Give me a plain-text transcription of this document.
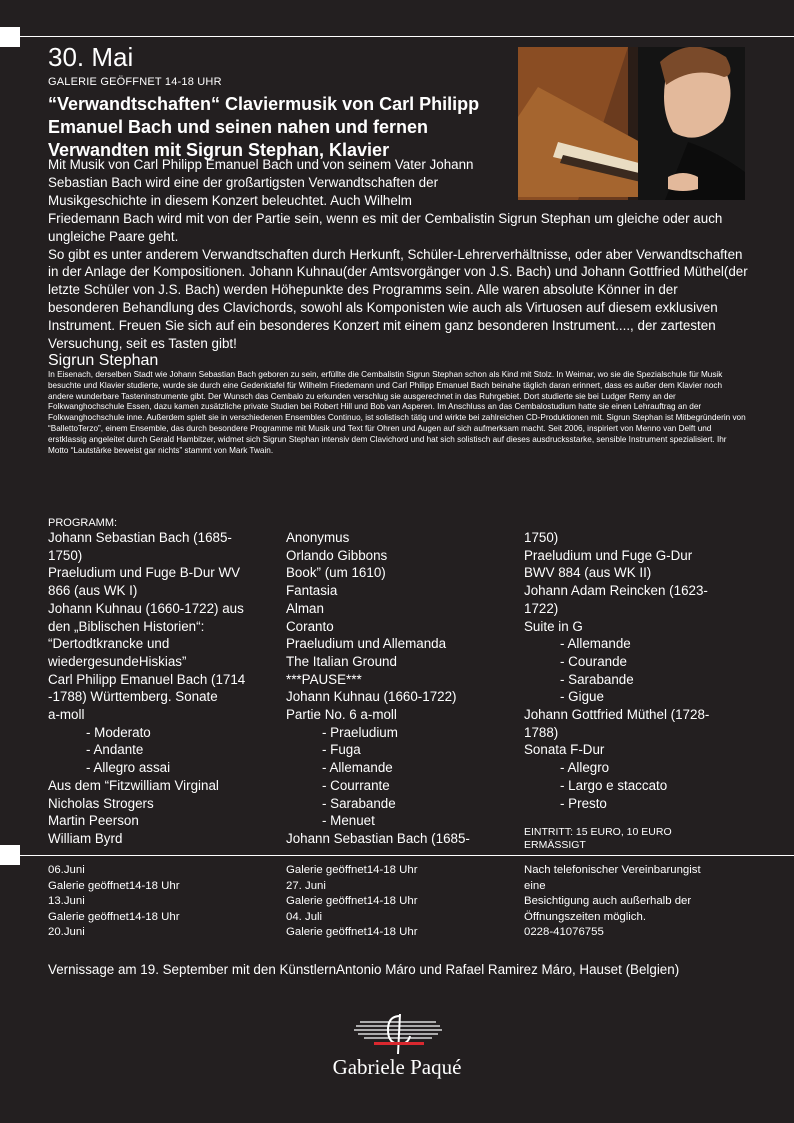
30. Mai
GALERIE GEÖFFNET 14-18 UHR
“Verwandtschaften“ Claviermusik von Carl Philipp Emanuel Bach und seinen nahen und fernen Verwandten mit Sigrun Stephan, Klavier

Mit Musik von Carl Philipp Emanuel Bach und von seinem Vater Johann Sebastian Bach wird eine der großartigsten Verwandtschaften der Musikgeschichte in diesem Konzert beleuchtet. Auch Wilhelm

Friedemann Bach wird mit von der Partie sein, wenn es mit der Cembalistin Sigrun Stephan um gleiche oder auch ungleiche Paare geht.

So gibt es unter anderem Verwandtschaften durch Herkunft, Schüler-Lehrerverhältnisse, oder aber Verwandtschaften in der Anlage der Kompositionen. Johann Kuhnau(der Amtsvorgänger von J.S. Bach) und Johann Gottfried Müthel(der letzte Schüler von J.S. Bach) werden Höhepunkte des Programms sein. Alle waren absolute Könner in der besonderen Behandlung des Clavichords, sowohl als Komponisten wie auch als Virtuosen auf diesem exklusiven Instrument. Freuen Sie sich auf ein besonderes Konzert mit einem ganz besonderen Instrument...., der zartesten Versuchung, seit es Tasten gibt!

Sigrun Stephan
In Eisenach, derselben Stadt wie Johann Sebastian Bach geboren zu sein, erfüllte die Cembalistin Sigrun Stephan schon als Kind mit Stolz. In Weimar, wo sie die Spezialschule für Musik besuchte und Klavier studierte, wurde sie durch eine Gedenktafel für Wilhelm Friedemann und Carl Philipp Emanuel Bach beinahe täglich daran erinnert, dass es außer dem Klavier noch andere wunderbare Tasteninstrumente gibt. Der Wunsch das Cembalo zu erkunden verschlug sie ausgerechnet in das Ruhrgebiet. Dort studierte sie bei Ludger Remy an der Folkwanghochschule Essen, dazu kamen zusätzliche private Studien bei Robert Hill und Bob van Asperen. Im Anschluss an das Cembalostudium hatte sie einen Lehrauftrag an der Folkwanghochschule inne. Außerdem spielt sie in verschiedenen Ensembles Continuo, ist solistisch tätig und wirkte bei zahlreichen CD-Produktionen mit. Sigrun Stephan ist Mitbegründerin von “BallettoTerzo”, einem Ensemble, das durch besondere Programme mit Musik und Text für Ohren und Augen auf sich aufmerksam macht. Seit 2006, inspiriert von Menno van Delft und erstklassig angeleitet durch Gerald Hambitzer, widmet sich Sigrun Stephan intensiv dem Clavichord und hat sich solistisch auf dieses ausdrucksstarke, sensible Instrument spezialisiert. Ihr Motto “Lautstärke beweist gar nichts” stammt von Mark Twain.
PROGRAMM:
Johann Sebastian Bach (1685-
1750)
Praeludium und Fuge B-Dur WV
866 (aus WK I)
Johann Kuhnau (1660-1722) aus
den „Biblischen Historien“:
“Dertodtkrancke und
wiedergesundeHiskias”
Carl Philipp Emanuel Bach (1714
-1788) Württemberg. Sonate
a-moll
- Moderato
- Andante
- Allegro assai
Aus dem “Fitzwilliam Virginal
Nicholas Strogers
Martin Peerson
William Byrd
Anonymus
Orlando Gibbons
Book” (um 1610)
Fantasia
Alman
Coranto
Praeludium und Allemanda
The Italian Ground
***PAUSE***
Johann Kuhnau (1660-1722)
Partie No. 6 a-moll
- Praeludium
- Fuga
- Allemande
- Courrante
- Sarabande
- Menuet
Johann Sebastian Bach (1685-
1750)
Praeludium und Fuge G-Dur
BWV 884 (aus WK II)
Johann Adam Reincken (1623-
1722)
Suite in G
- Allemande
- Courande
- Sarabande
- Gigue
Johann Gottfried Müthel (1728-
1788)
Sonata F-Dur
- Allegro
- Largo e staccato
- Presto
EINTRITT: 15 EURO, 10 EURO
ERMÄSSIGT
06.Juni
Galerie geöffnet14-18 Uhr
13.Juni
Galerie geöffnet14-18 Uhr
20.Juni
Galerie geöffnet14-18 Uhr
27. Juni
Galerie geöffnet14-18 Uhr
04. Juli
Galerie geöffnet14-18 Uhr
Nach telefonischer Vereinbarungist
eine
Besichtigung auch außerhalb der
Öffnungszeiten möglich.
0228-41076755
Vernissage am 19. September mit den KünstlernAntonio Máro und Rafael Ramirez Máro, Hauset (Belgien)
Gabriele Paqué
